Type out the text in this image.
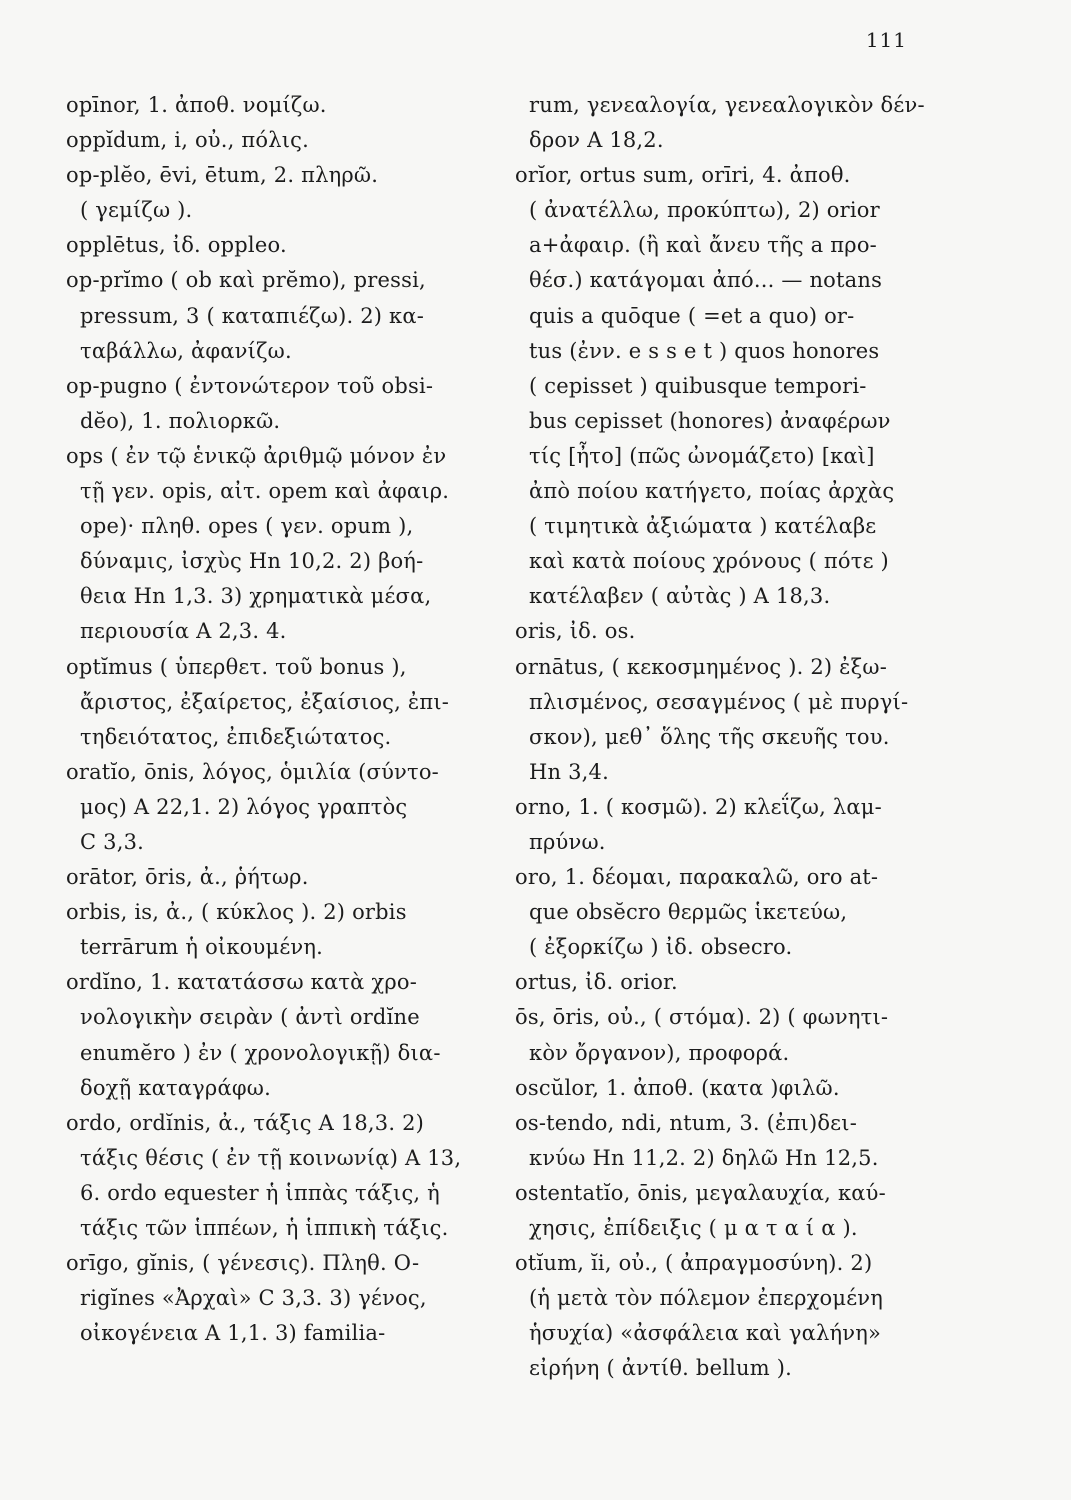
111

opīnor, 1. ἀποθ. νομίζω.

oppĭdum, i, οὐ., πόλις.

op-plĕo, ēvi, ētum, 2. πληρῶ.

( γεμίζω ).

opplētus, ἰδ. oppleo.

op-prĭmo ( ob καὶ prĕmo), pressi,

pressum, 3 ( καταπιέζω). 2) κα-

ταβάλλω, ἀφανίζω.

op-pugno ( ἐντονώτερον τοῦ obsi-

dĕo), 1. πολιορκῶ.

ops ( ἐν τῷ ἑνικῷ ἀριθμῷ μόνον ἐν

τῇ γεν. opis, αἰτ. opem καὶ ἀφαιρ.

ope)· πληθ. opes ( γεν. opum ),

δύναμις, ἰσχὺς Hn 10,2. 2) βοή-

θεια Hn 1,3. 3) χρηματικὰ μέσα,

περιουσία A 2,3. 4.

optĭmus ( ὑπερθετ. τοῦ bonus ),

ἄριστος, ἐξαίρετος, ἐξαίσιος, ἐπι-

τηδειότατος, ἐπιδεξιώτατος.

oratĭo, ōnis, λόγος, ὁμιλία (σύντο-

μος) A 22,1. 2) λόγος γραπτὸς

C 3,3.

orātor, ōris, ἀ., ῥήτωρ.

orbis, is, ἀ., ( κύκλος ). 2) orbis

terrārum ἡ οἰκουμένη.

ordĭno, 1. κατατάσσω κατὰ χρο-

νολογικὴν σειρὰν ( ἀντὶ ordĭne

enumĕro ) ἐν ( χρονολογικῇ) δια-

δοχῇ καταγράφω.

ordo, ordĭnis, ἀ., τάξις A 18,3. 2)

τάξις θέσις ( ἐν τῇ κοινωνίᾳ) A 13,

6. ordo equester ἡ ἱππὰς τάξις, ἡ

τάξις τῶν ἱππέων, ἡ ἱππικὴ τάξις.

orīgo, gĭnis, ( γένεσις). Πληθ. O-

rigĭnes «Ἀρχαὶ» C 3,3. 3) γένος,

οἰκογένεια A 1,1. 3) familia-

rum, γενεαλογία, γενεαλογικὸν δέν-

δρον A 18,2.

orĭor, ortus sum, orīri, 4. ἀποθ.

( ἀνατέλλω, προκύπτω), 2) orior

a+ἀφαιρ. (ἢ καὶ ἄνευ τῆς a προ-

θέσ.) κατάγομαι ἀπό... — notans

quis a quōque ( =et a quo) or-

tus (ἐνν. e s s e t ) quos honores

( cepisset ) quibusque tempori-

bus cepisset (honores) ἀναφέρων

τίς [ἦτο] (πῶς ὠνομάζετο) [καὶ]

ἀπὸ ποίου κατήγετο, ποίας ἀρχὰς

( τιμητικὰ ἀξιώματα ) κατέλαβε

καὶ κατὰ ποίους χρόνους ( πότε )

κατέλαβεν ( αὐτὰς ) A 18,3.

oris, ἰδ. os.

ornātus, ( κεκοσμημένος ). 2) ἐξω-

πλισμένος, σεσαγμένος ( μὲ πυργί-

σκον), μεθ᾽ ὅλης τῆς σκευῆς του.

Hn 3,4.

orno, 1. ( κοσμῶ). 2) κλεΐζω, λαμ-

πρύνω.

oro, 1. δέομαι, παρακαλῶ, oro at-

que obsĕcro θερμῶς ἱκετεύω,

( ἐξορκίζω ) ἰδ. obsecro.

ortus, ἰδ. orior.

ōs, ōris, οὐ., ( στόμα). 2) ( φωνητι-

κὸν ὄργανον), προφορά.

oscŭlor, 1. ἀποθ. (κατα )φιλῶ.

os-tendo, ndi, ntum, 3. (ἐπι)δει-

κνύω Hn 11,2. 2) δηλῶ Hn 12,5.

ostentatĭo, ōnis, μεγαλαυχία, καύ-

χησις, ἐπίδειξις ( μ α τ α ί α ).

otĭum, ĭi, οὐ., ( ἀπραγμοσύνη). 2)

(ἡ μετὰ τὸν πόλεμον ἐπερχομένη

ἡσυχία) «ἀσφάλεια καὶ γαλήνη»

εἰρήνη ( ἀντίθ. bellum ).
